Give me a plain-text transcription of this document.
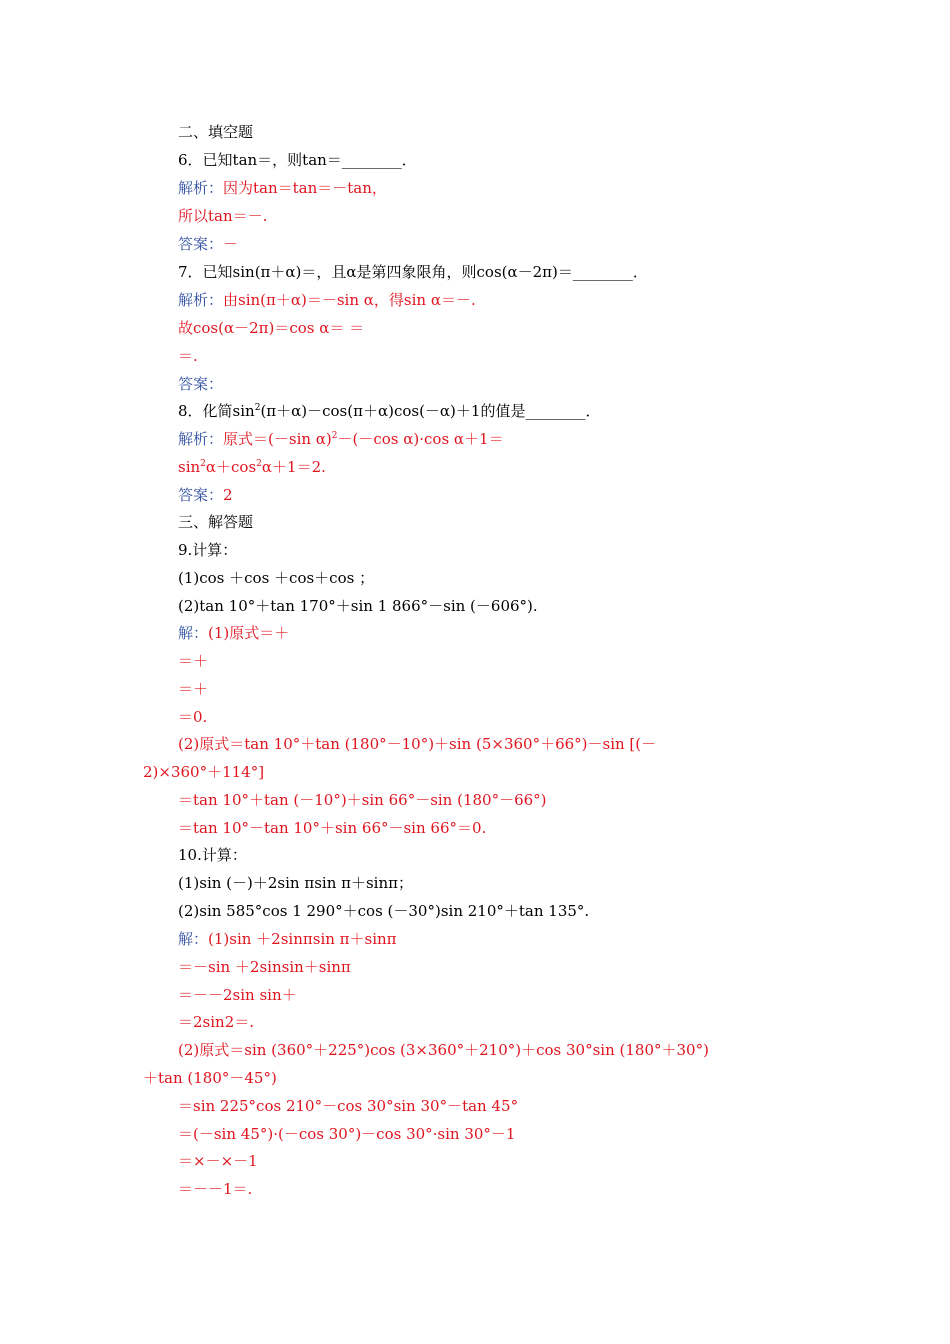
二、填空题
6．已知tan＝，则tan＝________．
解析：因为tan＝tan＝－tan，
所以tan＝－.
答案：－
7．已知sin(π＋α)＝，且α是第四象限角，则cos(α－2π)＝________．
解析：由sin(π＋α)＝－sin α，得sin α＝－.
故cos(α－2π)＝cos α＝ ＝
＝.
答案：
8．化简$\sin^2(\pi+\alpha)-\cos(\pi+\alpha)\cos(-\alpha)+1$的值是________．
解析：原式＝(－sin α)$^2$－(－cos α)·cos α＋1＝
$\sin^2\alpha+\cos^2\alpha+1=2$.
答案：2
三、解答题
9.计算：
(1)cos ＋cos ＋cos＋cos ；
(2)tan 10°＋tan 170°＋sin 1 866°－sin (－606°).
解：(1)原式＝＋
＝＋
＝＋
＝0.
(2)原式＝tan 10°＋tan (180°－10°)＋sin (5×360°＋66°)－sin [(－
2)×360°＋114°]
＝tan 10°＋tan (－10°)＋sin 66°－sin (180°－66°)
＝tan 10°－tan 10°＋sin 66°－sin 66°＝0.
10.计算：
(1)sin (－)＋2sin πsin π＋sinπ；
(2)sin 585°cos 1 290°＋cos (－30°)sin 210°＋tan 135°.
解：(1)sin ＋2sinπsin π＋sinπ
＝－sin ＋2sinsin＋sinπ
＝－－2sin sin＋
＝2sin2＝.
(2)原式＝sin (360°＋225°)cos (3×360°＋210°)＋cos 30°sin (180°＋30°)
＋tan (180°－45°)
＝sin 225°cos 210°－cos 30°sin 30°－tan 45°
＝(－sin 45°)·(－cos 30°)－cos 30°·sin 30°－1
＝×－×－1
＝－－1＝.
